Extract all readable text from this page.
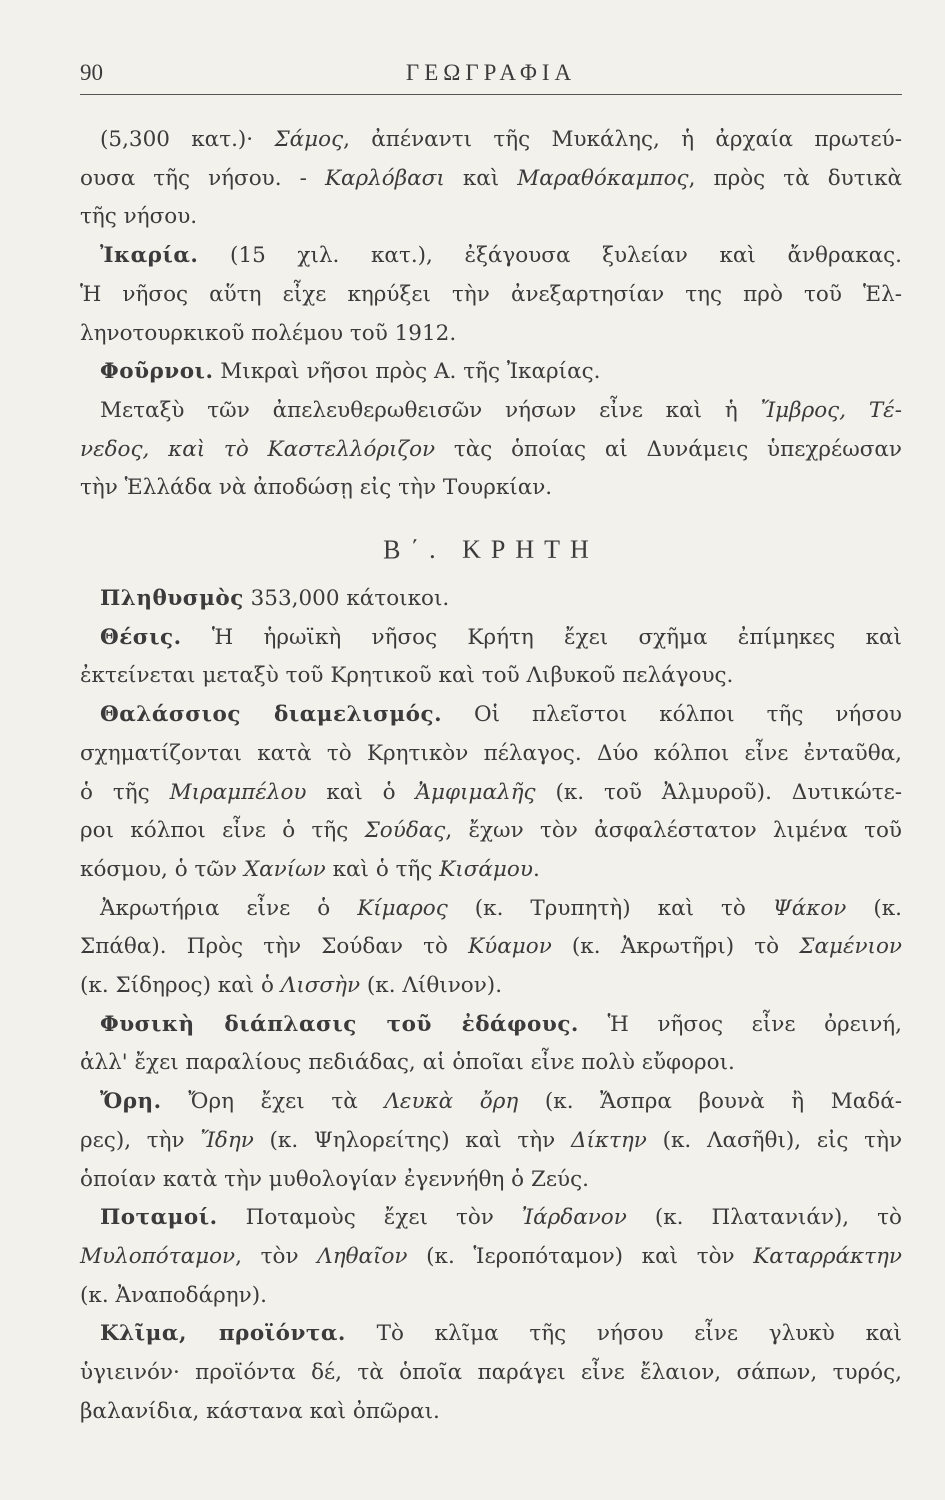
90	ΓΕΩΓΡΑΦΙΑ

(5,300 κατ.)· Σάμος, ἀπέναντι τῆς Μυκάλης, ἡ ἀρχαία πρωτεύ-
ουσα τῆς νήσου. - Καρλόβασι καὶ Μαραθόκαμπος, πρὸς τὰ δυτικὰ
τῆς νήσου.

Ἰκαρία. (15 χιλ. κατ.), ἐξάγουσα ξυλείαν καὶ ἄνθρακας.
Ἡ νῆσος αὕτη εἶχε κηρύξει τὴν ἀνεξαρτησίαν της πρὸ τοῦ Ἑλ-
ληνοτουρκικοῦ πολέμου τοῦ 1912.

Φοῦρνοι. Μικραὶ νῆσοι πρὸς Α. τῆς Ἰκαρίας.

Μεταξὺ τῶν ἀπελευθερωθεισῶν νήσων εἶνε καὶ ἡ Ἴμβρος, Τέ-
νεδος, καὶ τὸ Καστελλόριζον τὰς ὁποίας αἱ Δυνάμεις ὑπεχρέωσαν
τὴν Ἑλλάδα νὰ ἀποδώσῃ εἰς τὴν Τουρκίαν.

Β΄. ΚΡΗΤΗ

Πληθυσμὸς 353,000 κάτοικοι.

Θέσις. Ἡ ἡρωϊκὴ νῆσος Κρήτη ἔχει σχῆμα ἐπίμηκες καὶ
ἐκτείνεται μεταξὺ τοῦ Κρητικοῦ καὶ τοῦ Λιβυκοῦ πελάγους.

Θαλάσσιος διαμελισμός. Οἱ πλεῖστοι κόλποι τῆς νήσου
σχηματίζονται κατὰ τὸ Κρητικὸν πέλαγος. Δύο κόλποι εἶνε ἐνταῦθα,
ὁ τῆς Μιραμπέλου καὶ ὁ Ἀμφιμαλῆς (κ. τοῦ Ἀλμυροῦ). Δυτικώτε-
ροι κόλποι εἶνε ὁ τῆς Σούδας, ἔχων τὸν ἀσφαλέστατον λιμένα τοῦ
κόσμου, ὁ τῶν Χανίων καὶ ὁ τῆς Κισάμου.

Ἀκρωτήρια εἶνε ὁ Κίμαρος (κ. Τρυπητὴ) καὶ τὸ Ψάκον (κ.
Σπάθα). Πρὸς τὴν Σούδαν τὸ Κύαμον (κ. Ἀκρωτῆρι) τὸ Σαμένιον
(κ. Σίδηρος) καὶ ὁ Λισσὴν (κ. Λίθινον).

Φυσικὴ διάπλασις τοῦ ἐδάφους. Ἡ νῆσος εἶνε ὀρεινή,
ἀλλ' ἔχει παραλίους πεδιάδας, αἱ ὁποῖαι εἶνε πολὺ εὔφοροι.

Ὄρη. Ὄρη ἔχει τὰ Λευκὰ ὄρη (κ. Ἄσπρα βουνὰ ἢ Μαδά-
ρες), τὴν Ἴδην (κ. Ψηλορείτης) καὶ τὴν Δίκτην (κ. Λασῆθι), εἰς τὴν
ὁποίαν κατὰ τὴν μυθολογίαν ἐγεννήθη ὁ Ζεύς.

Ποταμοί. Ποταμοὺς ἔχει τὸν Ἰάρδανον (κ. Πλατανιάν), τὸ
Μυλοπόταμον, τὸν Ληθαῖον (κ. Ἱεροπόταμον) καὶ τὸν Καταρράκτην
(κ. Ἀναποδάρην).

Κλῖμα, προϊόντα. Τὸ κλῖμα τῆς νήσου εἶνε γλυκὺ καὶ
ὑγιεινόν· προϊόντα δέ, τὰ ὁποῖα παράγει εἶνε ἔλαιον, σάπων, τυρός,
βαλανίδια, κάστανα καὶ ὀπῶραι.
